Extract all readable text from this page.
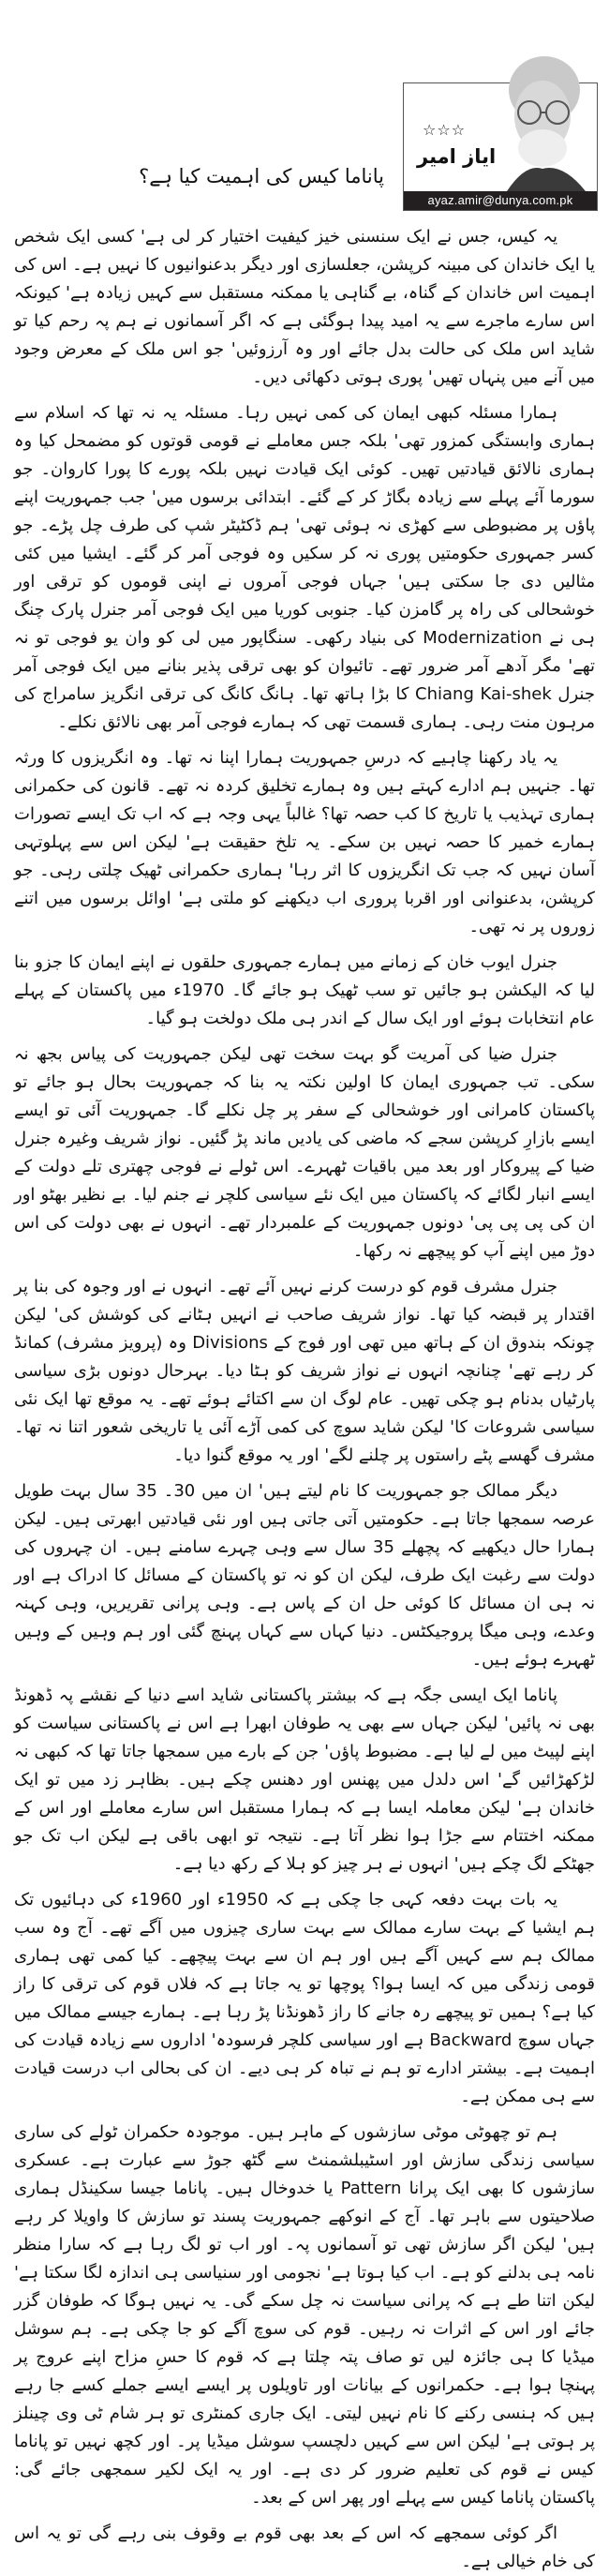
☆☆☆
ایاز امیر
ayaz.amir@dunya.com.pk
پاناما کیس کی اہمیت کیا ہے؟

یہ کیس، جس نے ایک سنسنی خیز کیفیت اختیار کر لی ہے' کسی ایک شخص یا ایک خاندان کی مبینہ کرپشن، جعلسازی اور دیگر بدعنوانیوں کا نہیں ہے۔ اس کی اہمیت اس خاندان کے گناہ، بے گناہی یا ممکنہ مستقبل سے کہیں زیادہ ہے' کیونکہ اس سارے ماجرے سے یہ امید پیدا ہوگئی ہے کہ اگر آسمانوں نے ہم پہ رحم کیا تو شاید اس ملک کی حالت بدل جائے اور وہ آرزوئیں' جو اس ملک کے معرض وجود میں آنے میں پنہاں تھیں' پوری ہوتی دکھائی دیں۔

ہمارا مسئلہ کبھی ایمان کی کمی نہیں رہا۔ مسئلہ یہ نہ تھا کہ اسلام سے ہماری وابستگی کمزور تھی' بلکہ جس معاملے نے قومی قوتوں کو مضمحل کیا وہ ہماری نالائق قیادتیں تھیں۔ کوئی ایک قیادت نہیں بلکہ پورے کا پورا کاروان۔ جو سورما آئے پہلے سے زیادہ بگاڑ کر کے گئے۔ ابتدائی برسوں میں' جب جمہوریت اپنے پاؤں پر مضبوطی سے کھڑی نہ ہوئی تھی' ہم ڈکٹیٹر شپ کی طرف چل پڑے۔ جو کسر جمہوری حکومتیں پوری نہ کر سکیں وہ فوجی آمر کر گئے۔ ایشیا میں کئی مثالیں دی جا سکتی ہیں' جہاں فوجی آمروں نے اپنی قوموں کو ترقی اور خوشحالی کی راہ پر گامزن کیا۔ جنوبی کوریا میں ایک فوجی آمر جنرل پارک چنگ ہی نے Modernization کی بنیاد رکھی۔ سنگاپور میں لی کو وان یو فوجی تو نہ تھے' مگر آدھے آمر ضرور تھے۔ تائیوان کو بھی ترقی پذیر بنانے میں ایک فوجی آمر جنرل Chiang Kai-shek کا بڑا ہاتھ تھا۔ ہانگ کانگ کی ترقی انگریز سامراج کی مرہون منت رہی۔ ہماری قسمت تھی کہ ہمارے فوجی آمر بھی نالائق نکلے۔

یہ یاد رکھنا چاہیے کہ درسِ جمہوریت ہمارا اپنا نہ تھا۔ وہ انگریزوں کا ورثہ تھا۔ جنہیں ہم ادارے کہتے ہیں وہ ہمارے تخلیق کردہ نہ تھے۔ قانون کی حکمرانی ہماری تہذیب یا تاریخ کا کب حصہ تھا؟ غالباً یہی وجہ ہے کہ اب تک ایسے تصورات ہمارے خمیر کا حصہ نہیں بن سکے۔ یہ تلخ حقیقت ہے' لیکن اس سے پہلوتہی آسان نہیں کہ جب تک انگریزوں کا اثر رہا' ہماری حکمرانی ٹھیک چلتی رہی۔ جو کرپشن، بدعنوانی اور اقربا پروری اب دیکھنے کو ملتی ہے' اوائل برسوں میں اتنے زوروں پر نہ تھی۔

جنرل ایوب خان کے زمانے میں ہمارے جمہوری حلقوں نے اپنے ایمان کا جزو بنا لیا کہ الیکشن ہو جائیں تو سب ٹھیک ہو جائے گا۔ 1970ء میں پاکستان کے پہلے عام انتخابات ہوئے اور ایک سال کے اندر ہی ملک دولخت ہو گیا۔

جنرل ضیا کی آمریت گو بہت سخت تھی لیکن جمہوریت کی پیاس بجھ نہ سکی۔ تب جمہوری ایمان کا اولین نکتہ یہ بنا کہ جمہوریت بحال ہو جائے تو پاکستان کامرانی اور خوشحالی کے سفر پر چل نکلے گا۔ جمہوریت آئی تو ایسے ایسے بازارِ کرپشن سجے کہ ماضی کی یادیں ماند پڑ گئیں۔ نواز شریف وغیرہ جنرل ضیا کے پیروکار اور بعد میں باقیات ٹھہرے۔ اس ٹولے نے فوجی چھتری تلے دولت کے ایسے انبار لگائے کہ پاکستان میں ایک نئے سیاسی کلچر نے جنم لیا۔ بے نظیر بھٹو اور ان کی پی پی پی' دونوں جمہوریت کے علمبردار تھے۔ انہوں نے بھی دولت کی اس دوڑ میں اپنے آپ کو پیچھے نہ رکھا۔

جنرل مشرف قوم کو درست کرنے نہیں آئے تھے۔ انہوں نے اور وجوہ کی بنا پر اقتدار پر قبضہ کیا تھا۔ نواز شریف صاحب نے انہیں ہٹانے کی کوشش کی' لیکن چونکہ بندوق ان کے ہاتھ میں تھی اور فوج کے Divisions وہ (پرویز مشرف) کمانڈ کر رہے تھے' چنانچہ انہوں نے نواز شریف کو ہٹا دیا۔ بہرحال دونوں بڑی سیاسی پارٹیاں بدنام ہو چکی تھیں۔ عام لوگ ان سے اکتائے ہوئے تھے۔ یہ موقع تھا ایک نئی سیاسی شروعات کا' لیکن شاید سوچ کی کمی آڑے آئی یا تاریخی شعور اتنا نہ تھا۔ مشرف گھسے پٹے راستوں پر چلنے لگے' اور یہ موقع گنوا دیا۔

دیگر ممالک جو جمہوریت کا نام لیتے ہیں' ان میں 30۔ 35 سال بہت طویل عرصہ سمجھا جاتا ہے۔ حکومتیں آتی جاتی ہیں اور نئی قیادتیں ابھرتی ہیں۔ لیکن ہمارا حال دیکھیے کہ پچھلے 35 سال سے وہی چہرے سامنے ہیں۔ ان چہروں کی دولت سے رغبت ایک طرف، لیکن ان کو نہ تو پاکستان کے مسائل کا ادراک ہے اور نہ ہی ان مسائل کا کوئی حل ان کے پاس ہے۔ وہی پرانی تقریریں، وہی کہنہ وعدے، وہی میگا پروجیکٹس۔ دنیا کہاں سے کہاں پہنچ گئی اور ہم وہیں کے وہیں ٹھہرے ہوئے ہیں۔

پاناما ایک ایسی جگہ ہے کہ بیشتر پاکستانی شاید اسے دنیا کے نقشے پہ ڈھونڈ بھی نہ پائیں' لیکن جہاں سے بھی یہ طوفان ابھرا ہے اس نے پاکستانی سیاست کو اپنے لپیٹ میں لے لیا ہے۔ مضبوط پاؤں' جن کے بارے میں سمجھا جاتا تھا کہ کبھی نہ لڑکھڑائیں گے' اس دلدل میں پھنس اور دھنس چکے ہیں۔ بظاہر زد میں تو ایک خاندان ہے' لیکن معاملہ ایسا ہے کہ ہمارا مستقبل اس سارے معاملے اور اس کے ممکنہ اختتام سے جڑا ہوا نظر آتا ہے۔ نتیجہ تو ابھی باقی ہے لیکن اب تک جو جھٹکے لگ چکے ہیں' انہوں نے ہر چیز کو ہلا کے رکھ دیا ہے۔

یہ بات بہت دفعہ کہی جا چکی ہے کہ 1950ء اور 1960ء کی دہائیوں تک ہم ایشیا کے بہت سارے ممالک سے بہت ساری چیزوں میں آگے تھے۔ آج وہ سب ممالک ہم سے کہیں آگے ہیں اور ہم ان سے بہت پیچھے۔ کیا کمی تھی ہماری قومی زندگی میں کہ ایسا ہوا؟ پوچھا تو یہ جاتا ہے کہ فلاں قوم کی ترقی کا راز کیا ہے؟ ہمیں تو پیچھے رہ جانے کا راز ڈھونڈنا پڑ رہا ہے۔ ہمارے جیسے ممالک میں جہاں سوچ Backward ہے اور سیاسی کلچر فرسودہ' اداروں سے زیادہ قیادت کی اہمیت ہے۔ بیشتر ادارے تو ہم نے تباہ کر ہی دیے۔ ان کی بحالی اب درست قیادت سے ہی ممکن ہے۔

ہم تو چھوٹی موٹی سازشوں کے ماہر ہیں۔ موجودہ حکمران ٹولے کی ساری سیاسی زندگی سازش اور اسٹیبلشمنٹ سے گٹھ جوڑ سے عبارت ہے۔ عسکری سازشوں کا بھی ایک پرانا Pattern یا خدوخال ہیں۔ پاناما جیسا سکینڈل ہماری صلاحیتوں سے باہر تھا۔ آج کے انوکھے جمہوریت پسند تو سازش کا واویلا کر رہے ہیں' لیکن اگر سازش تھی تو آسمانوں پہ۔ اور اب تو لگ رہا ہے کہ سارا منظر نامہ ہی بدلنے کو ہے۔ اب کیا ہوتا ہے' نجومی اور سنیاسی ہی اندازہ لگا سکتا ہے' لیکن اتنا طے ہے کہ پرانی سیاست نہ چل سکے گی۔ یہ نہیں ہوگا کہ طوفان گزر جائے اور اس کے اثرات نہ رہیں۔ قوم کی سوچ آگے کو جا چکی ہے۔ ہم سوشل میڈیا کا ہی جائزہ لیں تو صاف پتہ چلتا ہے کہ قوم کا حسِ مزاح اپنے عروج پر پہنچا ہوا ہے۔ حکمرانوں کے بیانات اور تاویلوں پر ایسے ایسے جملے کسے جا رہے ہیں کہ ہنسی رکنے کا نام نہیں لیتی۔ ایک جاری کمنٹری تو ہر شام ٹی وی چینلز پر ہوتی ہے' لیکن اس سے کہیں دلچسپ سوشل میڈیا پر۔ اور کچھ نہیں تو پاناما کیس نے قوم کی تعلیم ضرور کر دی ہے۔ اور یہ ایک لکیر سمجھی جائے گی: پاکستان پاناما کیس سے پہلے اور پھر اس کے بعد۔

اگر کوئی سمجھے کہ اس کے بعد بھی قوم بے وقوف بنی رہے گی تو یہ اس کی خام خیالی ہے۔
